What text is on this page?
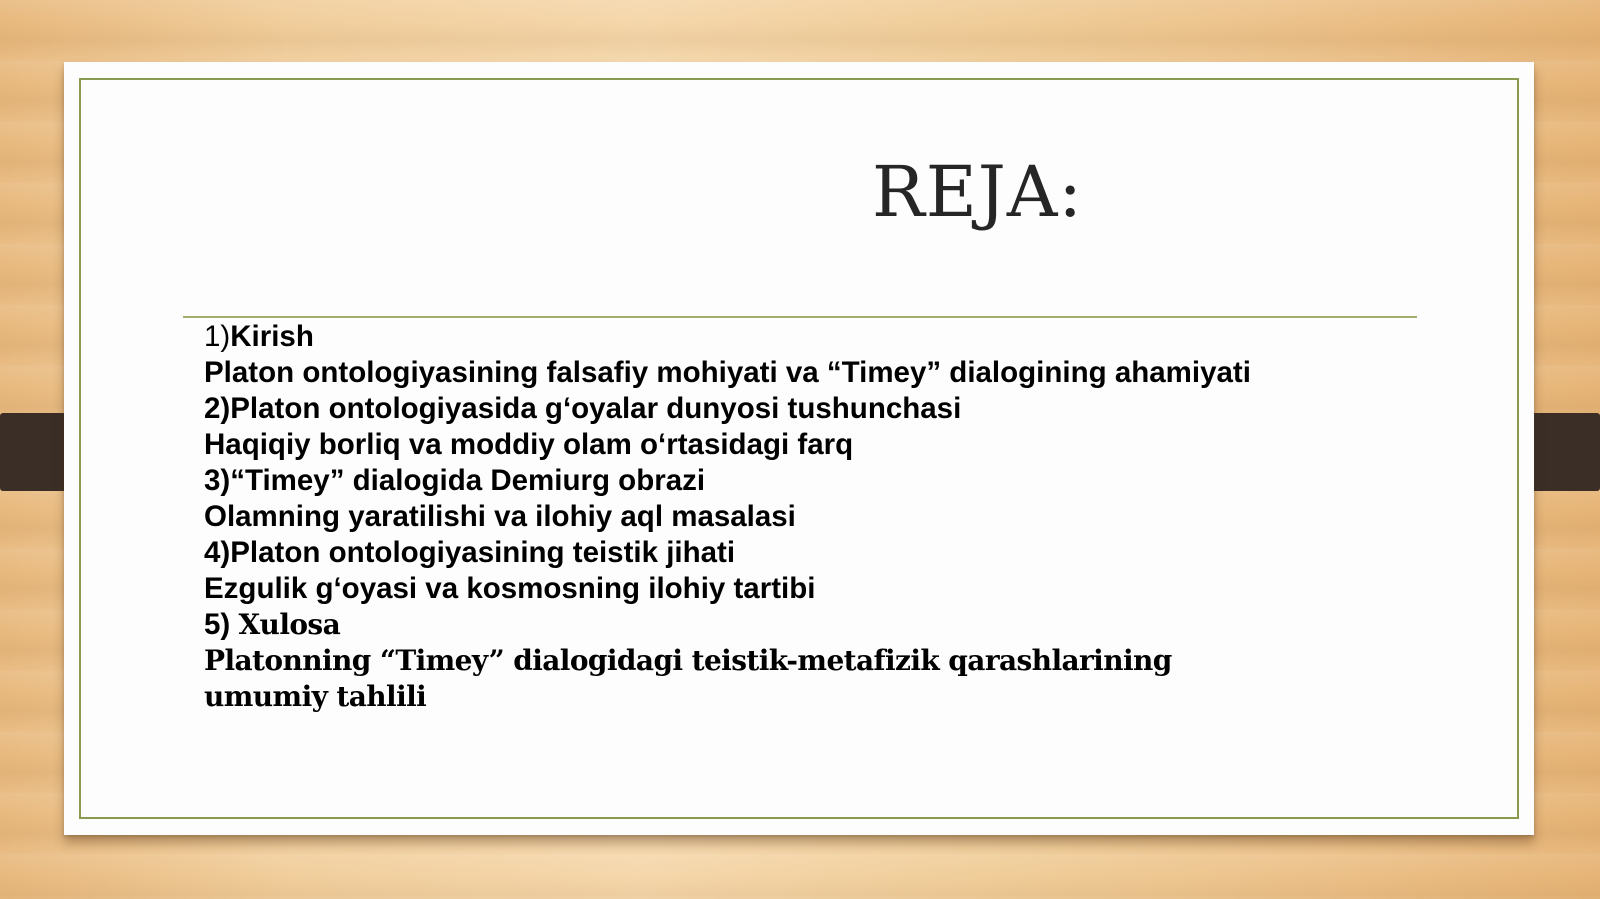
REJA:
1)Kirish
Platon ontologiyasining falsafiy mohiyati va “Timey” dialogining ahamiyati
2)Platon ontologiyasida g‘oyalar dunyosi tushunchasi
Haqiqiy borliq va moddiy olam o‘rtasidagi farq
3)“Timey” dialogida Demiurg obrazi
Olamning yaratilishi va ilohiy aql masalasi
4)Platon ontologiyasining teistik jihati
Ezgulik g‘oyasi va kosmosning ilohiy tartibi
5) Xulosa
Platonning “Timey” dialogidagi teistik-metafizik qarashlarining
umumiy tahlili
